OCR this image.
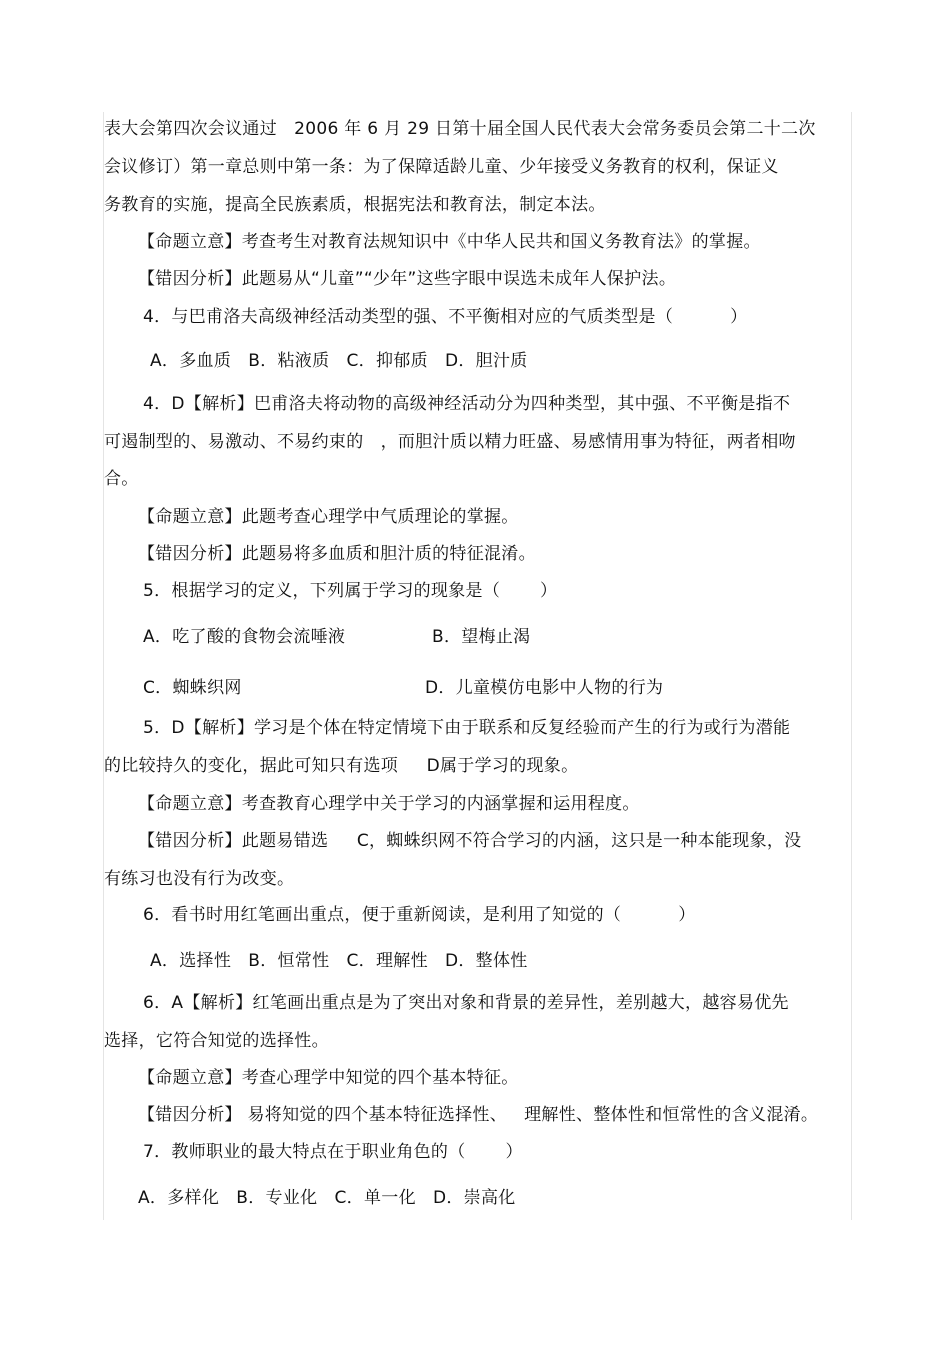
表大会第四次会议通过   2006 年 6 月 29 日第十届全国人民代表大会常务委员会第二十二次
会议修订）第一章总则中第一条：为了保障适龄儿童、少年接受义务教育的权利，保证义
务教育的实施，提高全民族素质，根据宪法和教育法，制定本法。
【命题立意】考查考生对教育法规知识中《中华人民共和国义务教育法》的掌握。
【错因分析】此题易从“儿童”“少年”这些字眼中误选未成年人保护法。
4．与巴甫洛夫高级神经活动类型的强、不平衡相对应的气质类型是（          ）
A．多血质   B．粘液质   C．抑郁质   D．胆汁质
4．D【解析】巴甫洛夫将动物的高级神经活动分为四种类型，其中强、不平衡是指不
可遏制型的、易激动、不易约束的   ，而胆汁质以精力旺盛、易感情用事为特征，两者相吻
合。
【命题立意】此题考查心理学中气质理论的掌握。
【错因分析】此题易将多血质和胆汁质的特征混淆。
5．根据学习的定义，下列属于学习的现象是（       ）
A．吃了酸的食物会流唾液	B．望梅止渴
C．蜘蛛织网	D．儿童模仿电影中人物的行为
5．D【解析】学习是个体在特定情境下由于联系和反复经验而产生的行为或行为潜能
的比较持久的变化，据此可知只有选项     D属于学习的现象。
【命题立意】考查教育心理学中关于学习的内涵掌握和运用程度。
【错因分析】此题易错选     C，蜘蛛织网不符合学习的内涵，这只是一种本能现象，没
有练习也没有行为改变。
6．看书时用红笔画出重点，便于重新阅读，是利用了知觉的（          ）
A．选择性   B．恒常性   C．理解性   D．整体性
6．A【解析】红笔画出重点是为了突出对象和背景的差异性，差别越大，越容易优先
选择，它符合知觉的选择性。
【命题立意】考查心理学中知觉的四个基本特征。
【错因分析】 易将知觉的四个基本特征选择性、   理解性、整体性和恒常性的含义混淆。
7．教师职业的最大特点在于职业角色的（       ）
A．多样化   B．专业化   C．单一化   D．崇高化
